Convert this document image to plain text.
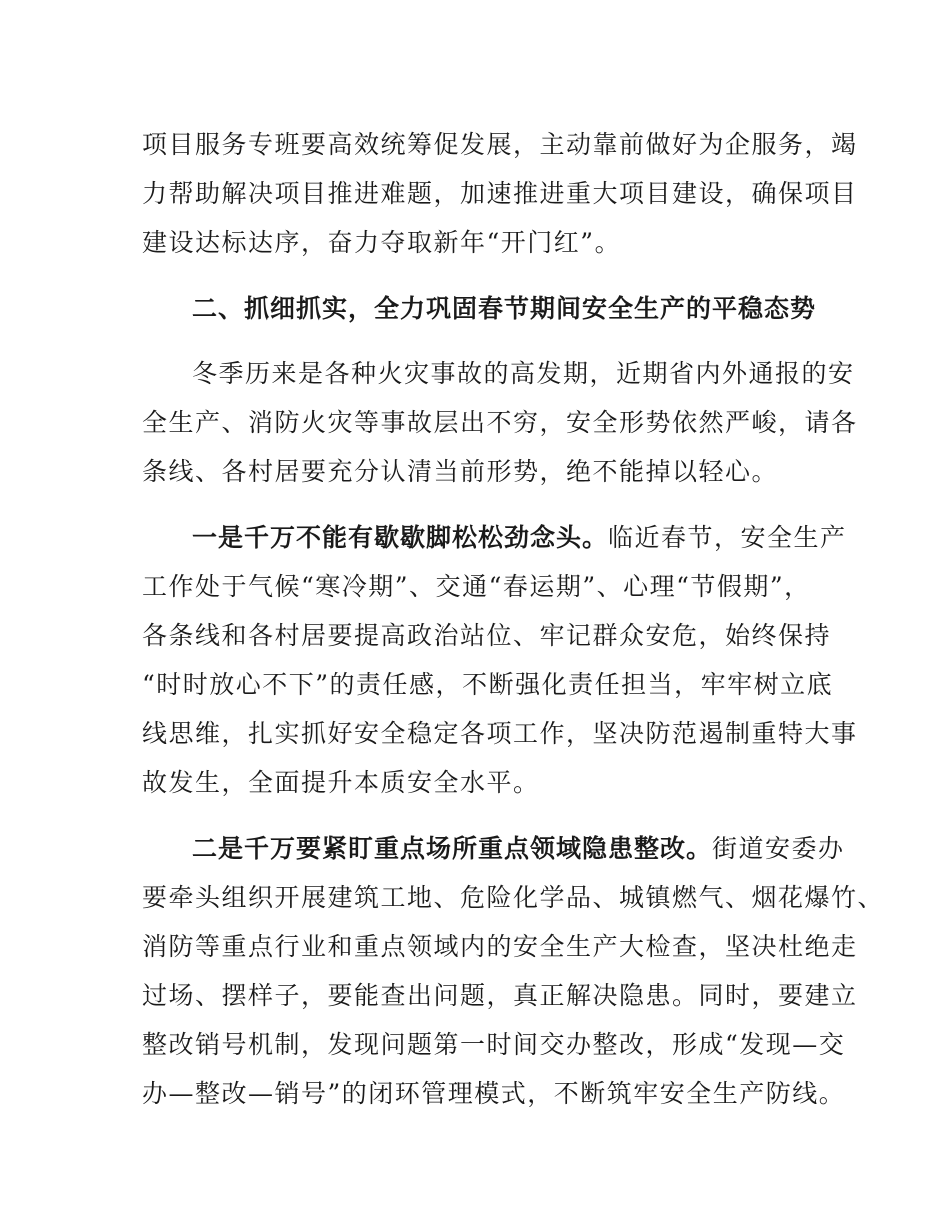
项目服务专班要高效统筹促发展，主动靠前做好为企服务，竭
力帮助解决项目推进难题，加速推进重大项目建设，确保项目
建设达标达序，奋力夺取新年“开门红”。
二、抓细抓实，全力巩固春节期间安全生产的平稳态势
冬季历来是各种火灾事故的高发期，近期省内外通报的安
全生产、消防火灾等事故层出不穷，安全形势依然严峻，请各
条线、各村居要充分认清当前形势，绝不能掉以轻心。
一是千万不能有歇歇脚松松劲念头。临近春节，安全生产
工作处于气候“寒冷期”、交通“春运期”、心理“节假期”，
各条线和各村居要提高政治站位、牢记群众安危，始终保持
“时时放心不下”的责任感，不断强化责任担当，牢牢树立底
线思维，扎实抓好安全稳定各项工作，坚决防范遏制重特大事
故发生，全面提升本质安全水平。
二是千万要紧盯重点场所重点领域隐患整改。街道安委办
要牵头组织开展建筑工地、危险化学品、城镇燃气、烟花爆竹、
消防等重点行业和重点领域内的安全生产大检查，坚决杜绝走
过场、摆样子，要能查出问题，真正解决隐患。同时，要建立
整改销号机制，发现问题第一时间交办整改，形成“发现—交
办—整改—销号”的闭环管理模式，不断筑牢安全生产防线。
